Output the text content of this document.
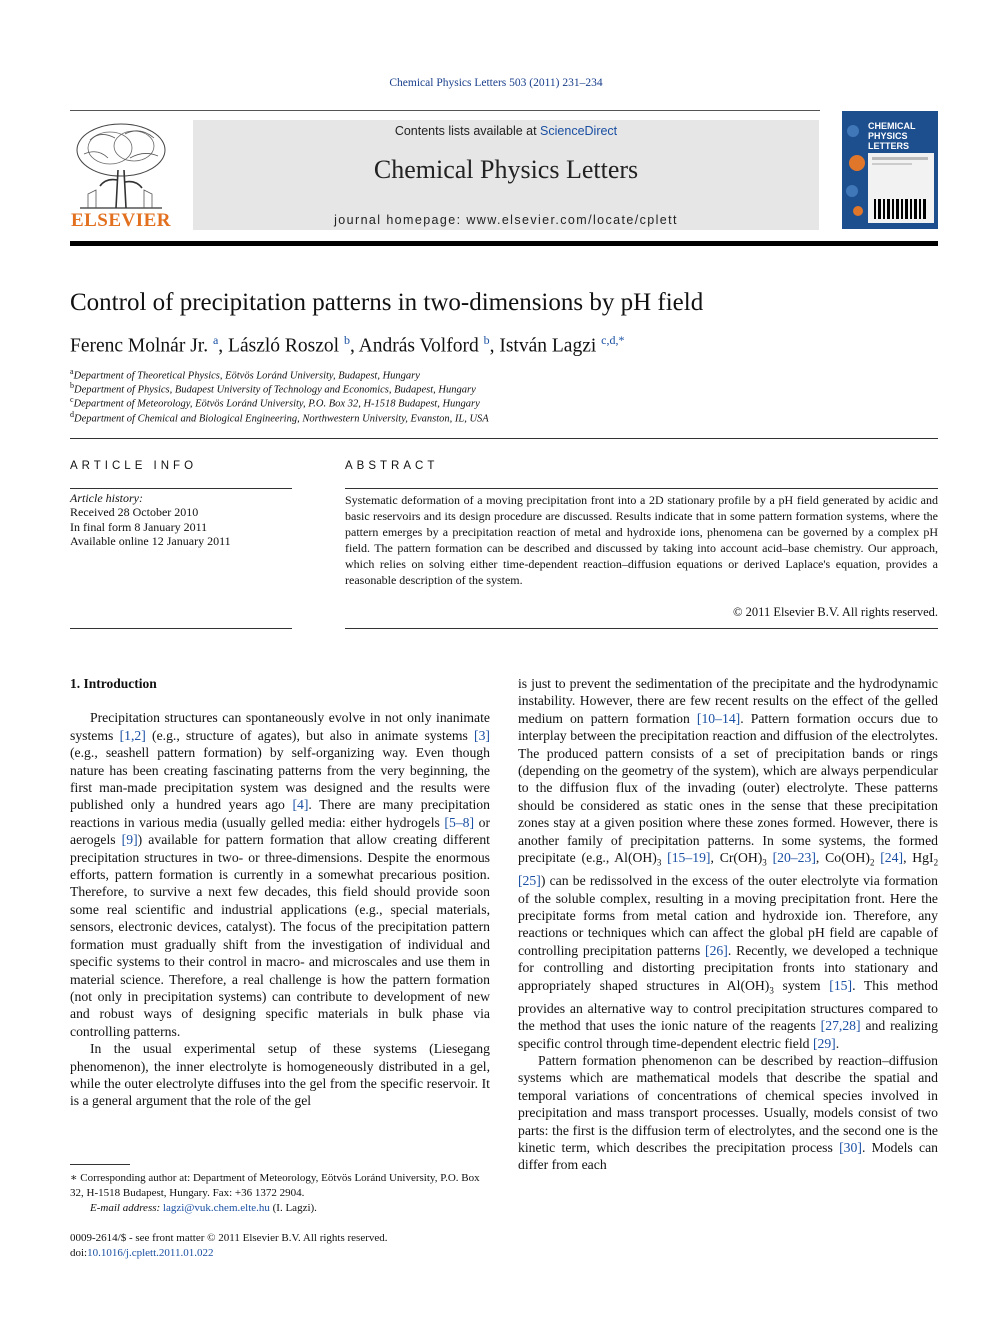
Chemical Physics Letters 503 (2011) 231–234
ELSEVIER
Contents lists available at ScienceDirect
Chemical Physics Letters
journal homepage: www.elsevier.com/locate/cplett
CHEMICAL
PHYSICS
LETTERS
Control of precipitation patterns in two-dimensions by pH field
Ferenc Molnár Jr. $^a$, László Roszol $^b$, András Volford $^b$, István Lagzi $^{c,d,*}$
$^a$Department of Theoretical Physics, Eötvös Loránd University, Budapest, Hungary
$^b$Department of Physics, Budapest University of Technology and Economics, Budapest, Hungary
$^c$Department of Meteorology, Eötvös Loránd University, P.O. Box 32, H-1518 Budapest, Hungary
$^d$Department of Chemical and Biological Engineering, Northwestern University, Evanston, IL, USA
ARTICLE INFO
Article history:
Received 28 October 2010
In final form 8 January 2011
Available online 12 January 2011
ABSTRACT

Systematic deformation of a moving precipitation front into a 2D stationary profile by a pH field generated by acidic and basic reservoirs and its design procedure are discussed. Results indicate that in some pattern formation systems, where the pattern emerges by a precipitation reaction of metal and hydroxide ions, phenomena can be governed by a complex pH field. The pattern formation can be described and discussed by taking into account acid–base chemistry. Our approach, which relies on solving either time-dependent reaction–diffusion equations or derived Laplace's equation, provides a reasonable description of the system.

© 2011 Elsevier B.V. All rights reserved.

1. Introduction

Precipitation structures can spontaneously evolve in not only inanimate systems [1,2] (e.g., structure of agates), but also in animate systems [3] (e.g., seashell pattern formation) by self-organizing way. Even though nature has been creating fascinating patterns from the very beginning, the first man-made precipitation system was designed and the results were published only a hundred years ago [4]. There are many precipitation reactions in various media (usually gelled media: either hydrogels [5–8] or aerogels [9]) available for pattern formation that allow creating different precipitation structures in two- or three-dimensions. Despite the enormous efforts, pattern formation is currently in a somewhat precarious position. Therefore, to survive a next few decades, this field should provide soon some real scientific and industrial applications (e.g., special materials, sensors, electronic devices, catalyst). The focus of the precipitation pattern formation must gradually shift from the investigation of individual and specific systems to their control in macro- and microscales and use them in material science. Therefore, a real challenge is how the pattern formation (not only in precipitation systems) can contribute to development of new and robust ways of designing specific materials in bulk phase via controlling patterns.

In the usual experimental setup of these systems (Liesegang phenomenon), the inner electrolyte is homogeneously distributed in a gel, while the outer electrolyte diffuses into the gel from the specific reservoir. It is a general argument that the role of the gel

is just to prevent the sedimentation of the precipitate and the hydrodynamic instability. However, there are few recent results on the effect of the gelled medium on pattern formation [10–14]. Pattern formation occurs due to interplay between the precipitation reaction and diffusion of the electrolytes. The produced pattern consists of a set of precipitation bands or rings (depending on the geometry of the system), which are always perpendicular to the diffusion flux of the invading (outer) electrolyte. These patterns should be considered as static ones in the sense that these precipitation zones stay at a given position where these zones formed. However, there is another family of precipitation patterns. In some systems, the formed precipitate (e.g., $Al(OH)_3$ [15–19], $Cr(OH)_3$ [20–23], $Co(OH)_2$ [24], HgI$_2$ [25]) can be redissolved in the excess of the outer electrolyte via formation of the soluble complex, resulting in a moving precipitation front. Here the precipitate forms from metal cation and hydroxide ion. Therefore, any reactions or techniques which can affect the global pH field are capable of controlling precipitation patterns [26]. Recently, we developed a technique for controlling and distorting precipitation fronts into stationary and appropriately shaped structures in $Al(OH)_3$ system [15]. This method provides an alternative way to control precipitation structures compared to the method that uses the ionic nature of the reagents [27,28] and realizing specific control through time-dependent electric field [29].

Pattern formation phenomenon can be described by reaction–diffusion systems which are mathematical models that describe the spatial and temporal variations of concentrations of chemical species involved in precipitation and mass transport processes. Usually, models consist of two parts: the first is the diffusion term of electrolytes, and the second one is the kinetic term, which describes the precipitation process [30]. Models can differ from each

∗ Corresponding author at: Department of Meteorology, Eötvös Loránd University, P.O. Box 32, H-1518 Budapest, Hungary. Fax: +36 1372 2904.
E-mail address: lagzi@vuk.chem.elte.hu (I. Lagzi).
0009-2614/$ - see front matter © 2011 Elsevier B.V. All rights reserved.
doi:10.1016/j.cplett.2011.01.022
